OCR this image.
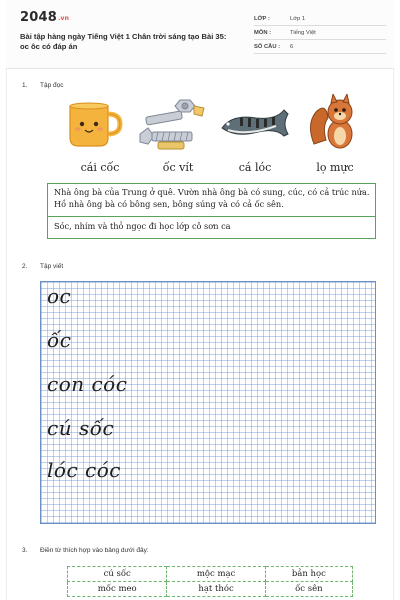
2048.vn
Bài tập hàng ngày Tiếng Việt 1 Chân trời sáng tạo Bài 35: oc ôc có đáp án
LỚP :	Lớp 1
MÔN :	Tiếng Việt
SỐ CÂU :	6
1. Tập đọc
cái cốc	ốc vít	cá lóc	lọ mực
Nhà ông bà của Trung ở quê. Vườn nhà ông bà có sung, cúc, có cả trúc nứa. Hồ nhà ông bà có bông sen, bông súng và có cả ốc sên.
Sóc, nhím và thỏ ngọc đi học lớp cô sơn ca
2. Tập viết
oc
ốc
con cóc
cú sốc
lóc cóc
3. Điền từ thích hợp vào bảng dưới đây:
cú sốc	mộc mạc	bản học
mốc meo	hạt thóc	ốc sên
